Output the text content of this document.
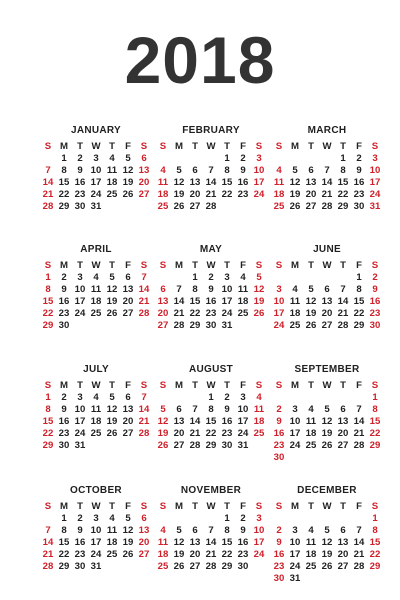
2018
JANUARY
S	M	T	W	T	F	S
	1	2	3	4	5	6
7	8	9	10	11	12	13
14	15	16	17	18	19	20
21	22	23	24	25	26	27
28	29	30	31			
FEBRUARY
S	M	T	W	T	F	S
				1	2	3
4	5	6	7	8	9	10
11	12	13	14	15	16	17
18	19	20	21	22	23	24
25	26	27	28			
MARCH
S	M	T	W	T	F	S
				1	2	3
4	5	6	7	8	9	10
11	12	13	14	15	16	17
18	19	20	21	22	23	24
25	26	27	28	29	30	31
APRIL
S	M	T	W	T	F	S
1	2	3	4	5	6	7
8	9	10	11	12	13	14
15	16	17	18	19	20	21
22	23	24	25	26	27	28
29	30					
MAY
S	M	T	W	T	F	S
		1	2	3	4	5
6	7	8	9	10	11	12
13	14	15	16	17	18	19
20	21	22	23	24	25	26
27	28	29	30	31		
JUNE
S	M	T	W	T	F	S
					1	2
3	4	5	6	7	8	9
10	11	12	13	14	15	16
17	18	19	20	21	22	23
24	25	26	27	28	29	30
JULY
S	M	T	W	T	F	S
1	2	3	4	5	6	7
8	9	10	11	12	13	14
15	16	17	18	19	20	21
22	23	24	25	26	27	28
29	30	31				
AUGUST
S	M	T	W	T	F	S
			1	2	3	4
5	6	7	8	9	10	11
12	13	14	15	16	17	18
19	20	21	22	23	24	25
26	27	28	29	30	31	
SEPTEMBER
S	M	T	W	T	F	S
						1
2	3	4	5	6	7	8
9	10	11	12	13	14	15
16	17	18	19	20	21	22
23	24	25	26	27	28	29
30						
OCTOBER
S	M	T	W	T	F	S
	1	2	3	4	5	6
7	8	9	10	11	12	13
14	15	16	17	18	19	20
21	22	23	24	25	26	27
28	29	30	31			
NOVEMBER
S	M	T	W	T	F	S
				1	2	3
4	5	6	7	8	9	10
11	12	13	14	15	16	17
18	19	20	21	22	23	24
25	26	27	28	29	30	
DECEMBER
S	M	T	W	T	F	S
						1
2	3	4	5	6	7	8
9	10	11	12	13	14	15
16	17	18	19	20	21	22
23	24	25	26	27	28	29
30	31					
